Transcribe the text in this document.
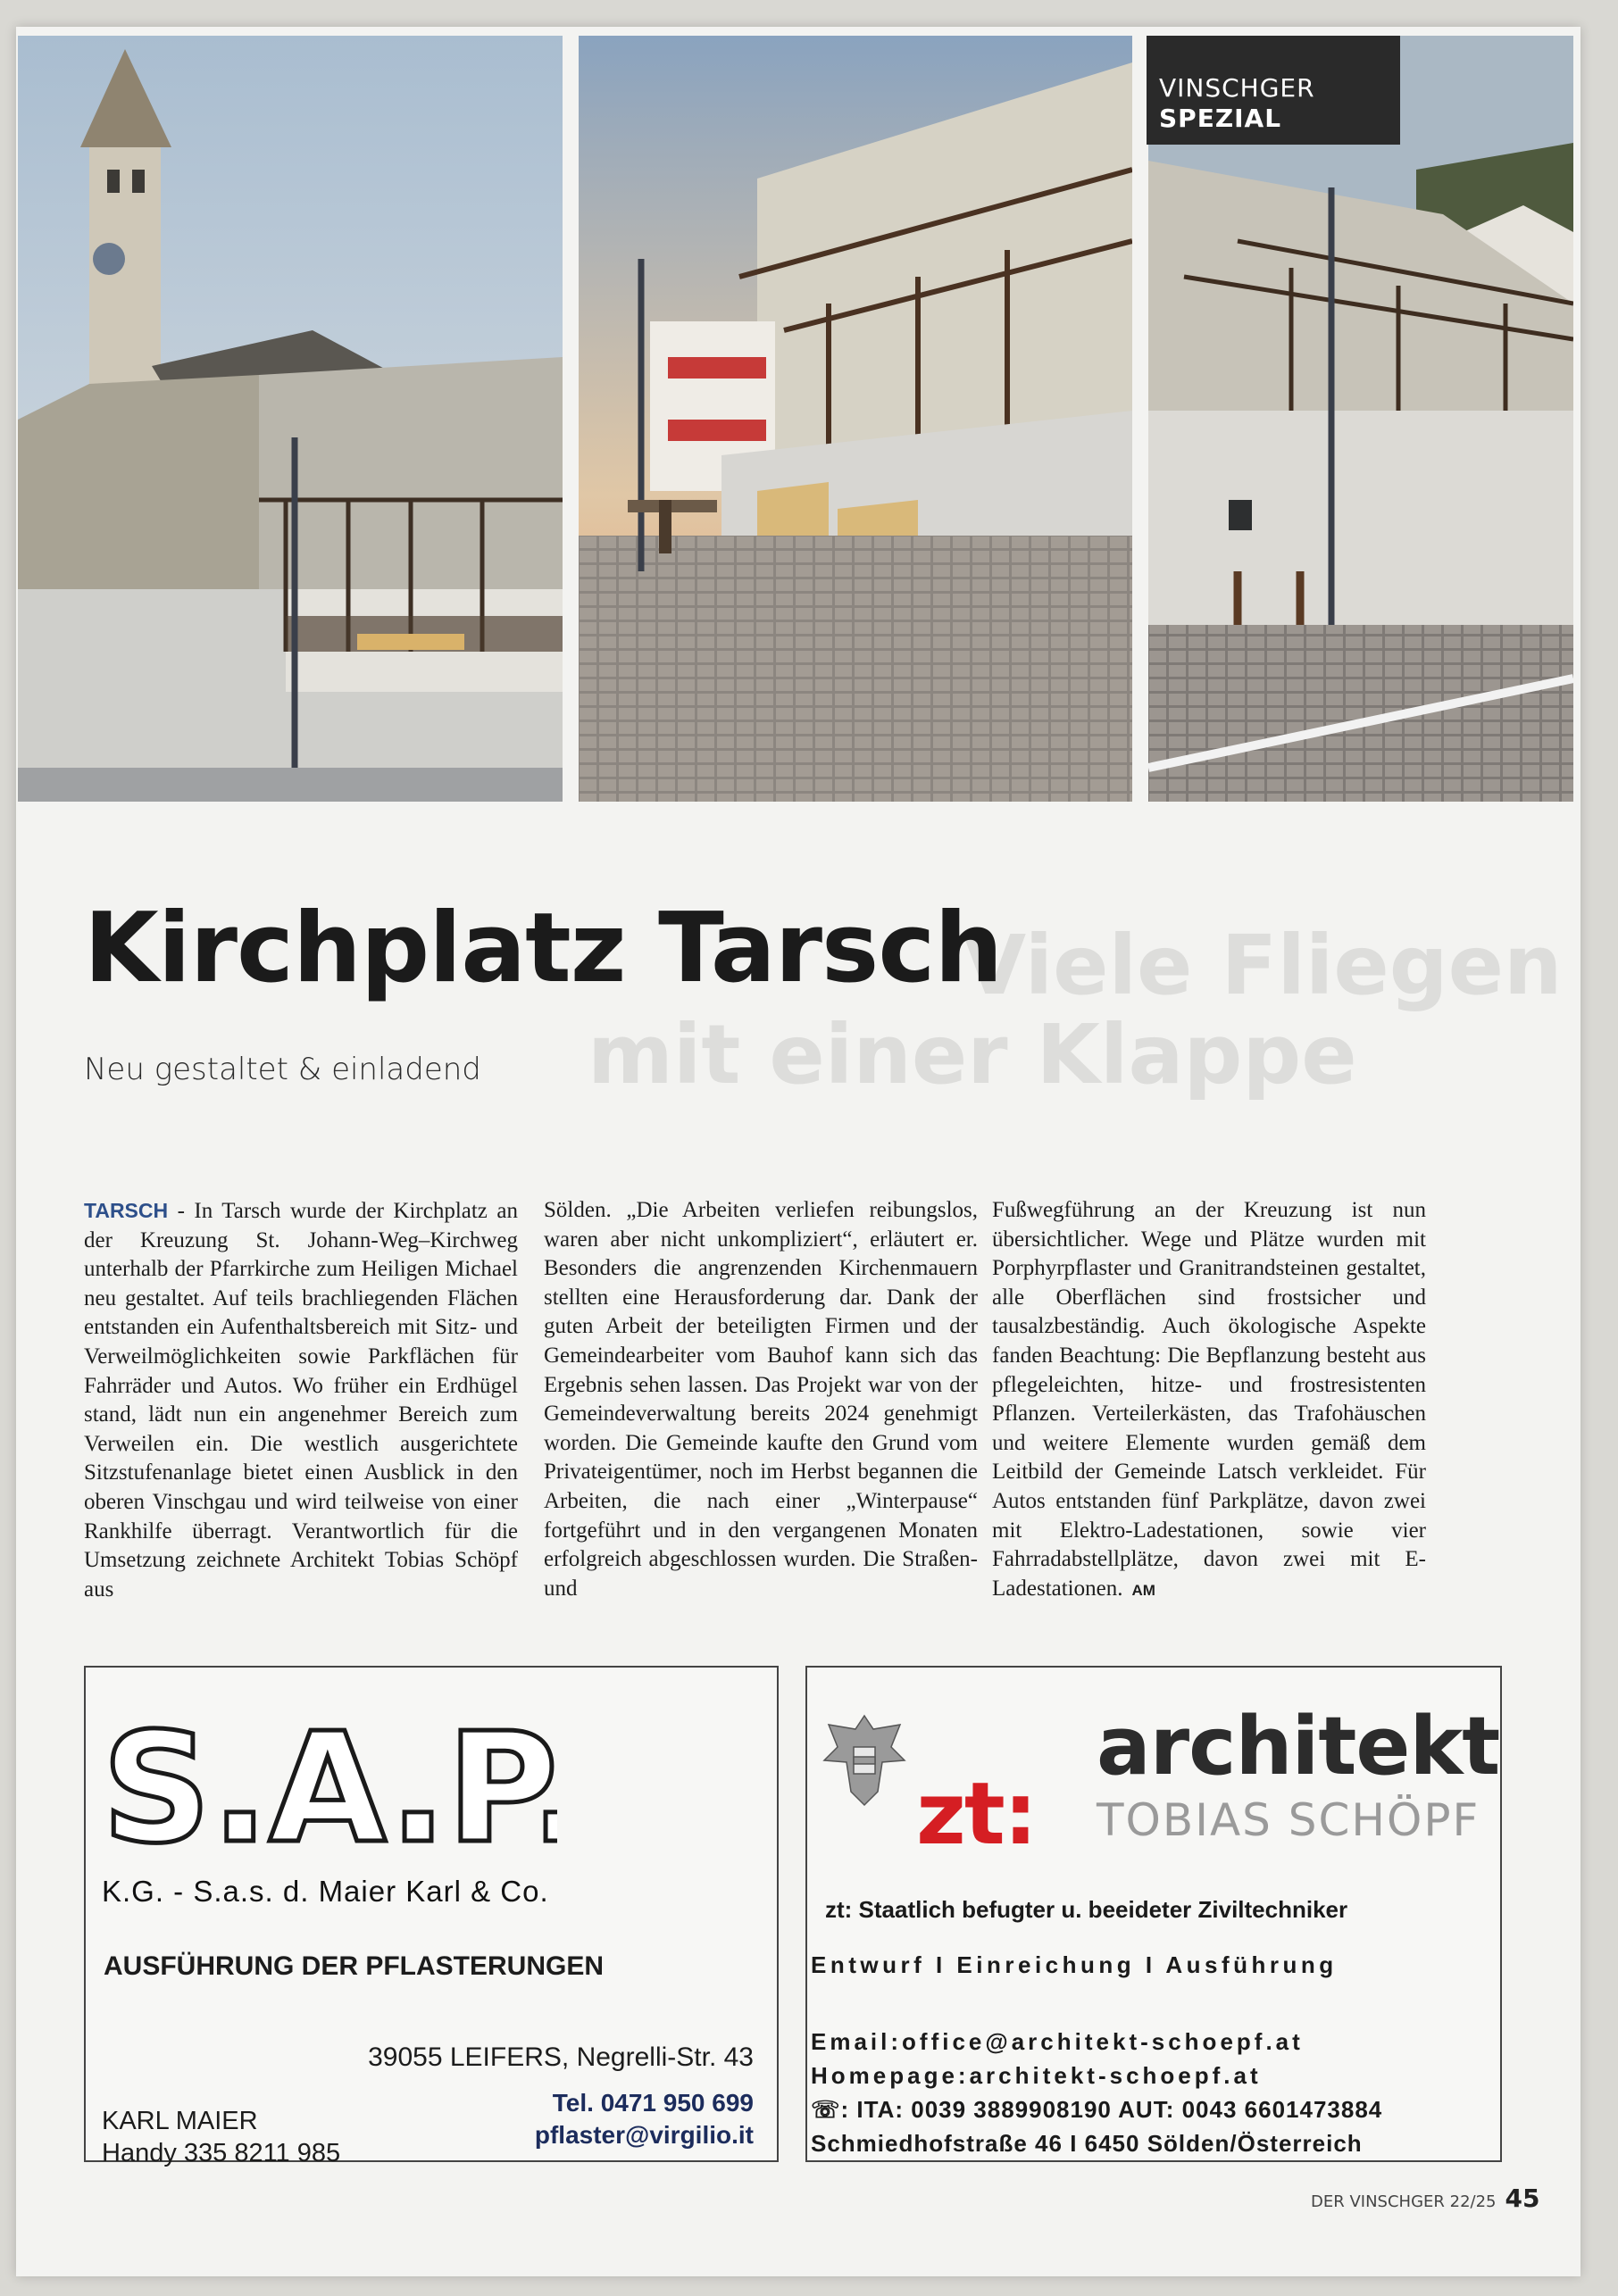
VINSCHGER
SPEZIAL
Viele Fliegen
mit einer Klappe
Kirchplatz Tarsch
Neu gestaltet & einladend
TARSCH - In Tarsch wurde der Kirchplatz an der Kreuzung St. Johann-Weg–Kirchweg unterhalb der Pfarrkirche zum Heiligen Michael neu gestaltet. Auf teils brachliegenden Flächen entstanden ein Aufenthaltsbereich mit Sitz- und Verweilmöglichkeiten sowie Parkflächen für Fahrräder und Autos. Wo früher ein Erdhügel stand, lädt nun ein angenehmer Bereich zum Verweilen ein. Die westlich ausgerichtete Sitzstufenanlage bietet einen Ausblick in den oberen Vinschgau und wird teilweise von einer Rankhilfe überragt. Verantwortlich für die Umsetzung zeichnete Architekt Tobias Schöpf aus
Sölden. „Die Arbeiten verliefen reibungslos, waren aber nicht unkompliziert“, erläutert er. Besonders die angrenzenden Kirchenmauern stellten eine Herausforderung dar. Dank der guten Arbeit der beteiligten Firmen und der Gemeindearbeiter vom Bauhof kann sich das Ergebnis sehen lassen. Das Projekt war von der Gemeindeverwaltung bereits 2024 genehmigt worden. Die Gemeinde kaufte den Grund vom Privateigentümer, noch im Herbst begannen die Arbeiten, die nach einer „Winterpause“ fortgeführt und in den vergangenen Monaten erfolgreich abgeschlossen wurden. Die Straßen- und
Fußwegführung an der Kreuzung ist nun übersichtlicher. Wege und Plätze wurden mit Porphyrpflaster und Granitrandsteinen gestaltet, alle Oberflächen sind frostsicher und tausalzbeständig. Auch ökologische Aspekte fanden Beachtung: Die Bepflanzung besteht aus pflegeleichten, hitze- und frostresistenten Pflanzen. Verteilerkästen, das Trafohäuschen und weitere Elemente wurden gemäß dem Leitbild der Gemeinde Latsch verkleidet. Für Autos entstanden fünf Parkplätze, davon zwei mit Elektro-Ladestationen, sowie vier Fahrradabstellplätze, davon zwei mit E-Ladestationen. AM
S.A.P.
K.G. - S.a.s. d. Maier Karl & Co.
AUSFÜHRUNG DER PFLASTERUNGEN
39055 LEIFERS, Negrelli-Str. 43
KARL MAIER
Handy 335 8211 985
Tel. 0471 950 699
pflaster@virgilio.it
zt:
architekt
TOBIAS SCHÖPF
zt: Staatlich befugter u. beeideter Ziviltechniker
Entwurf I Einreichung I Ausführung
Email:office@architekt-schoepf.at
Homepage:architekt-schoepf.at
☏: ITA: 0039 3889908190 AUT: 0043 6601473884
Schmiedhofstraße 46 I 6450 Sölden/Österreich
DER VINSCHGER 22/25 45
